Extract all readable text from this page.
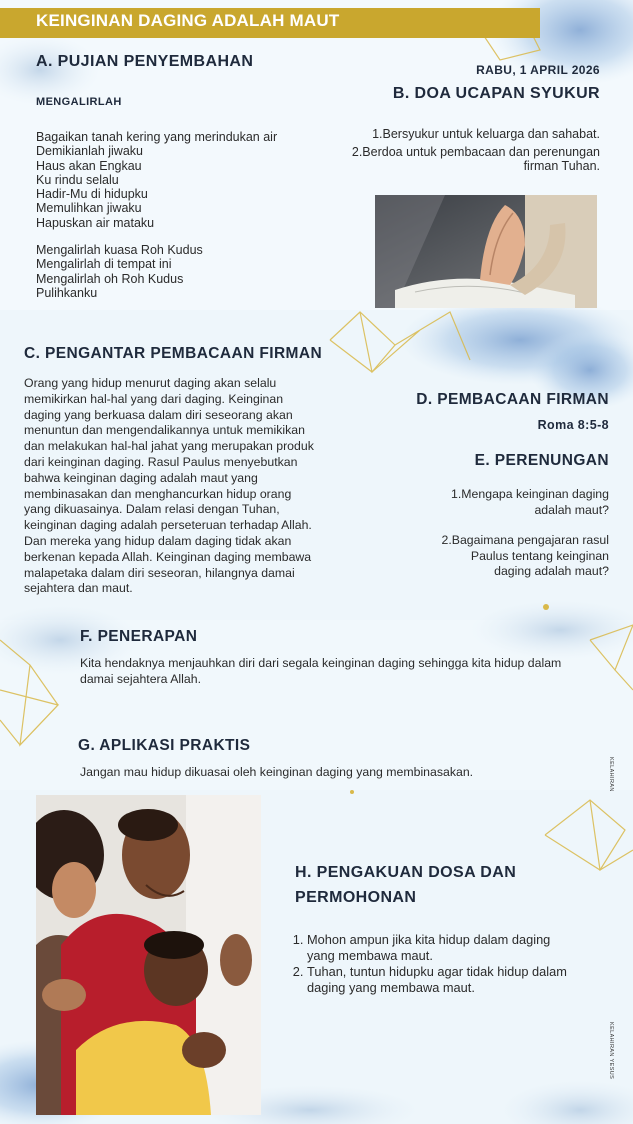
KEINGINAN DAGING ADALAH MAUT
A. PUJIAN PENYEMBAHAN
MENGALIRLAH
Bagaikan tanah kering yang merindukan air
Demikianlah jiwaku
Haus akan Engkau
Ku rindu selalu
Hadir-Mu di hidupku
Memulihkan jiwaku
Hapuskan air mataku
Mengalirlah kuasa Roh Kudus
Mengalirlah di tempat ini
Mengalirlah oh Roh Kudus
Pulihkanku
RABU, 1 APRIL 2026
B. DOA UCAPAN SYUKUR
1.Bersyukur untuk keluarga dan sahabat.
2.Berdoa untuk pembacaan dan perenungan firman Tuhan.
C. PENGANTAR PEMBACAAN FIRMAN
Orang yang hidup menurut daging akan selalu memikirkan hal-hal yang dari daging. Keinginan daging yang berkuasa dalam diri seseorang akan menuntun dan mengendalikannya untuk memikikan dan melakukan hal-hal jahat yang merupakan produk dari keinginan daging. Rasul Paulus menyebutkan bahwa keinginan daging adalah maut yang membinasakan dan menghancurkan hidup orang yang dikuasainya. Dalam relasi dengan Tuhan, keinginan daging adalah perseteruan terhadap Allah. Dan mereka yang hidup dalam daging tidak akan berkenan kepada Allah. Keinginan daging membawa malapetaka dalam diri seseoran, hilangnya damai sejahtera dan maut.
D. PEMBACAAN FIRMAN
Roma 8:5-8
E. PERENUNGAN
1.Mengapa keinginan daging adalah maut?
2.Bagaimana pengajaran rasul Paulus tentang keinginan daging adalah maut?
F. PENERAPAN
Kita hendaknya menjauhkan diri dari segala keinginan daging sehingga kita hidup dalam damai sejahtera Allah.
G. APLIKASI PRAKTIS
Jangan mau hidup dikuasai oleh keinginan daging yang membinasakan.	KELAHIRAN
KELAHIRAN YESUS
H. PENGAKUAN DOSA DAN
PERMOHONAN
1. Mohon ampun jika kita hidup dalam daging yang membawa maut.
2. Tuhan, tuntun hidupku agar tidak hidup dalam daging yang membawa maut.
